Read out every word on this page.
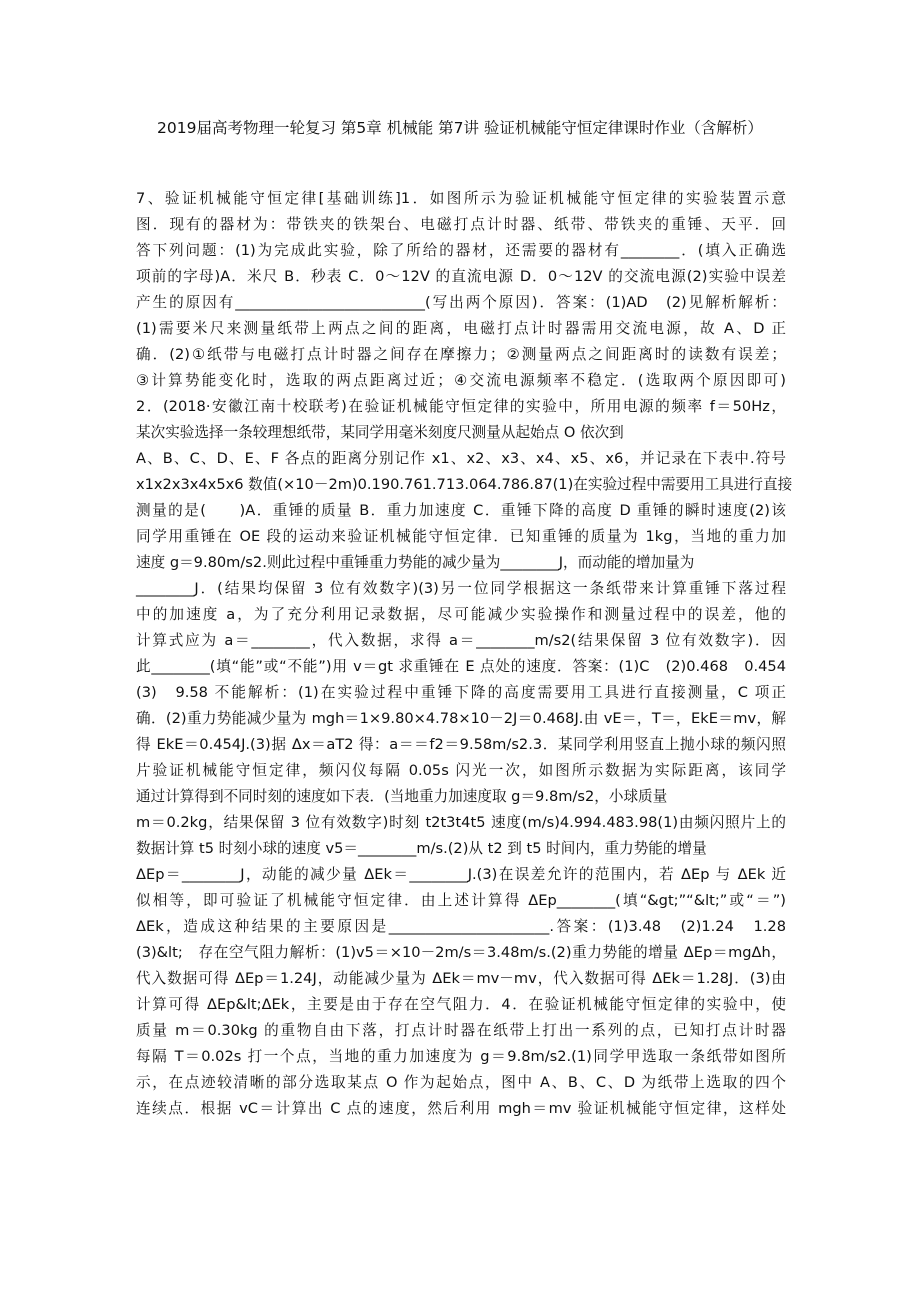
2019届高考物理一轮复习 第5章 机械能 第7讲 验证机械能守恒定律课时作业（含解析）
7、验证机械能守恒定律[基础训练]1．如图所示为验证机械能守恒定律的实验装置示意
图．现有的器材为：带铁夹的铁架台、电磁打点计时器、纸带、带铁夹的重锤、天平．回
答下列问题：(1)为完成此实验，除了所给的器材，还需要的器材有________．(填入正确选
项前的字母)A．米尺 B．秒表 C．0～12V 的直流电源 D．0～12V 的交流电源(2)实验中误差
产生的原因有__________________________(写出两个原因)．答案：(1)AD　(2)见解析解析：
(1)需要米尺来测量纸带上两点之间的距离，电磁打点计时器需用交流电源，故 A、D 正
确．(2)①纸带与电磁打点计时器之间存在摩擦力；②测量两点之间距离时的读数有误差；
③计算势能变化时，选取的两点距离过近；④交流电源频率不稳定．(选取两个原因即可)
2．(2018·安徽江南十校联考)在验证机械能守恒定律的实验中，所用电源的频率 f＝50Hz，
某次实验选择一条较理想纸带，某同学用毫米刻度尺测量从起始点 O 依次到
A、B、C、D、E、F 各点的距离分别记作 x1、x2、x3、x4、x5、x6，并记录在下表中.符号
x1x2x3x4x5x6 数值(×10－2m)0.190.761.713.064.786.87(1)在实验过程中需要用工具进行直接
测量的是(　　)A．重锤的质量 B．重力加速度 C．重锤下降的高度 D 重锤的瞬时速度(2)该
同学用重锤在 OE 段的运动来验证机械能守恒定律．已知重锤的质量为 1kg，当地的重力加
速度 g＝9.80m/s2.则此过程中重锤重力势能的减少量为________J，而动能的增加量为
________J．(结果均保留 3 位有效数字)(3)另一位同学根据这一条纸带来计算重锤下落过程
中的加速度 a，为了充分利用记录数据，尽可能减少实验操作和测量过程中的误差，他的
计算式应为 a＝________，代入数据，求得 a＝________m/s2(结果保留 3 位有效数字)．因
此________(填“能”或“不能”)用 v＝gt 求重锤在 E 点处的速度．答案：(1)C　(2)0.468　0.454
(3)　9.58 不能解析：(1)在实验过程中重锤下降的高度需要用工具进行直接测量，C 项正
确．(2)重力势能减少量为 mgh＝1×9.80×4.78×10－2J＝0.468J.由 vE＝，T＝，EkE＝mv，解
得 EkE＝0.454J.(3)据 Δx＝aT2 得：a＝＝f2＝9.58m/s2.3．某同学利用竖直上抛小球的频闪照
片验证机械能守恒定律，频闪仪每隔 0.05s 闪光一次，如图所示数据为实际距离，该同学
通过计算得到不同时刻的速度如下表．(当地重力加速度取 g＝9.8m/s2，小球质量
m＝0.2kg，结果保留 3 位有效数字)时刻 t2t3t4t5 速度(m/s)4.994.483.98(1)由频闪照片上的
数据计算 t5 时刻小球的速度 v5＝________m/s.(2)从 t2 到 t5 时间内，重力势能的增量
ΔEp＝________J，动能的减少量 ΔEk＝________J.(3)在误差允许的范围内，若 ΔEp 与 ΔEk 近
似相等，即可验证了机械能守恒定律．由上述计算得 ΔEp________(填“&gt;”“&lt;”或“＝”)
ΔEk，造成这种结果的主要原因是______________________.答案：(1)3.48　(2)1.24　1.28
(3)&lt;　存在空气阻力解析：(1)v5＝×10－2m/s＝3.48m/s.(2)重力势能的增量 ΔEp＝mgΔh，
代入数据可得 ΔEp＝1.24J，动能减少量为 ΔEk＝mv－mv，代入数据可得 ΔEk＝1.28J．(3)由
计算可得 ΔEp&lt;ΔEk，主要是由于存在空气阻力．4．在验证机械能守恒定律的实验中，使
质量 m＝0.30kg 的重物自由下落，打点计时器在纸带上打出一系列的点，已知打点计时器
每隔 T＝0.02s 打一个点，当地的重力加速度为 g＝9.8m/s2.(1)同学甲选取一条纸带如图所
示，在点迹较清晰的部分选取某点 O 作为起始点，图中 A、B、C、D 为纸带上选取的四个
连续点．根据 vC＝计算出 C 点的速度，然后利用 mgh＝mv 验证机械能守恒定律，这样处
